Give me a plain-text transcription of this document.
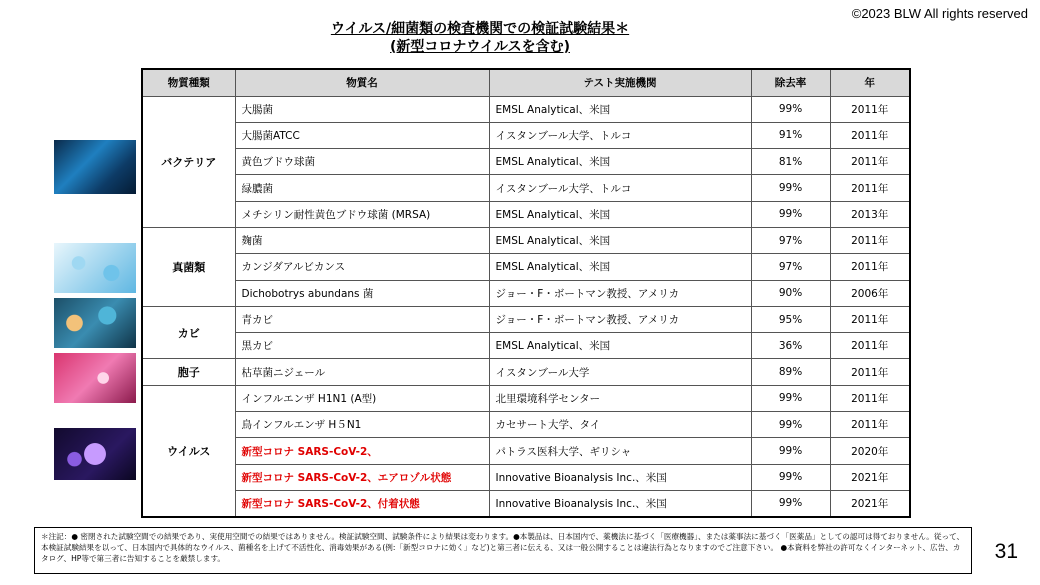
©2023 BLW All rights reserved
ウイルス/細菌類の検査機関での検証試験結果＊
(新型コロナウイルスを含む)
物質種類	物質名	テスト実施機関	除去率	年
バクテリア	大腸菌	EMSL Analytical、米国	99%	2011年
	大腸菌ATCC	イスタンブール大学、トルコ	91%	2011年
	黄色ブドウ球菌	EMSL Analytical、米国	81%	2011年
	緑膿菌	イスタンブール大学、トルコ	99%	2011年
	メチシリン耐性黄色ブドウ球菌 (MRSA)	EMSL Analytical、米国	99%	2013年
真菌類	麹菌	EMSL Analytical、米国	97%	2011年
	カンジダアルビカンス	EMSL Analytical、米国	97%	2011年
	Dichobotrys abundans 菌	ジョー・F・ボートマン教授、アメリカ	90%	2006年
カビ	青カビ	ジョー・F・ボートマン教授、アメリカ	95%	2011年
	黒カビ	EMSL Analytical、米国	36%	2011年
胞子	枯草菌ニジェール	イスタンブール大学	89%	2011年
ウイルス	インフルエンザ H1N1 (A型)	北里環境科学センター	99%	2011年
	鳥インフルエンザ H５N1	カセサート大学、タイ	99%	2011年
	新型コロナ SARS-CoV-2、	パトラス医科大学、ギリシャ	99%	2020年
	新型コロナ SARS-CoV-2、エアロゾル状態	Innovative Bioanalysis Inc.、米国	99%	2021年
	新型コロナ SARS-CoV-2、付着状態	Innovative Bioanalysis Inc.、米国	99%	2021年
＊注記：● 密閉された試験空間での結果であり、実使用空間での結果ではありません。検証試験空間、試験条件により結果は変わります。●本製品は、日本国内で、薬機法に基づく「医療機器」、または薬事法に基づく「医薬品」としての認可は得ておりません。従って、本検証試験結果を以って、日本国内で具体的なウイルス、菌種名を上げて不活性化、消毒効果がある(例:「新型コロナに効く」など)と第三者に伝える、又は一般公開することは違法行為となりますのでご注意下さい。 ●本資料を弊社の許可なくインターネット、広告、カタログ、HP等で第三者に告知することを厳禁します。	31
